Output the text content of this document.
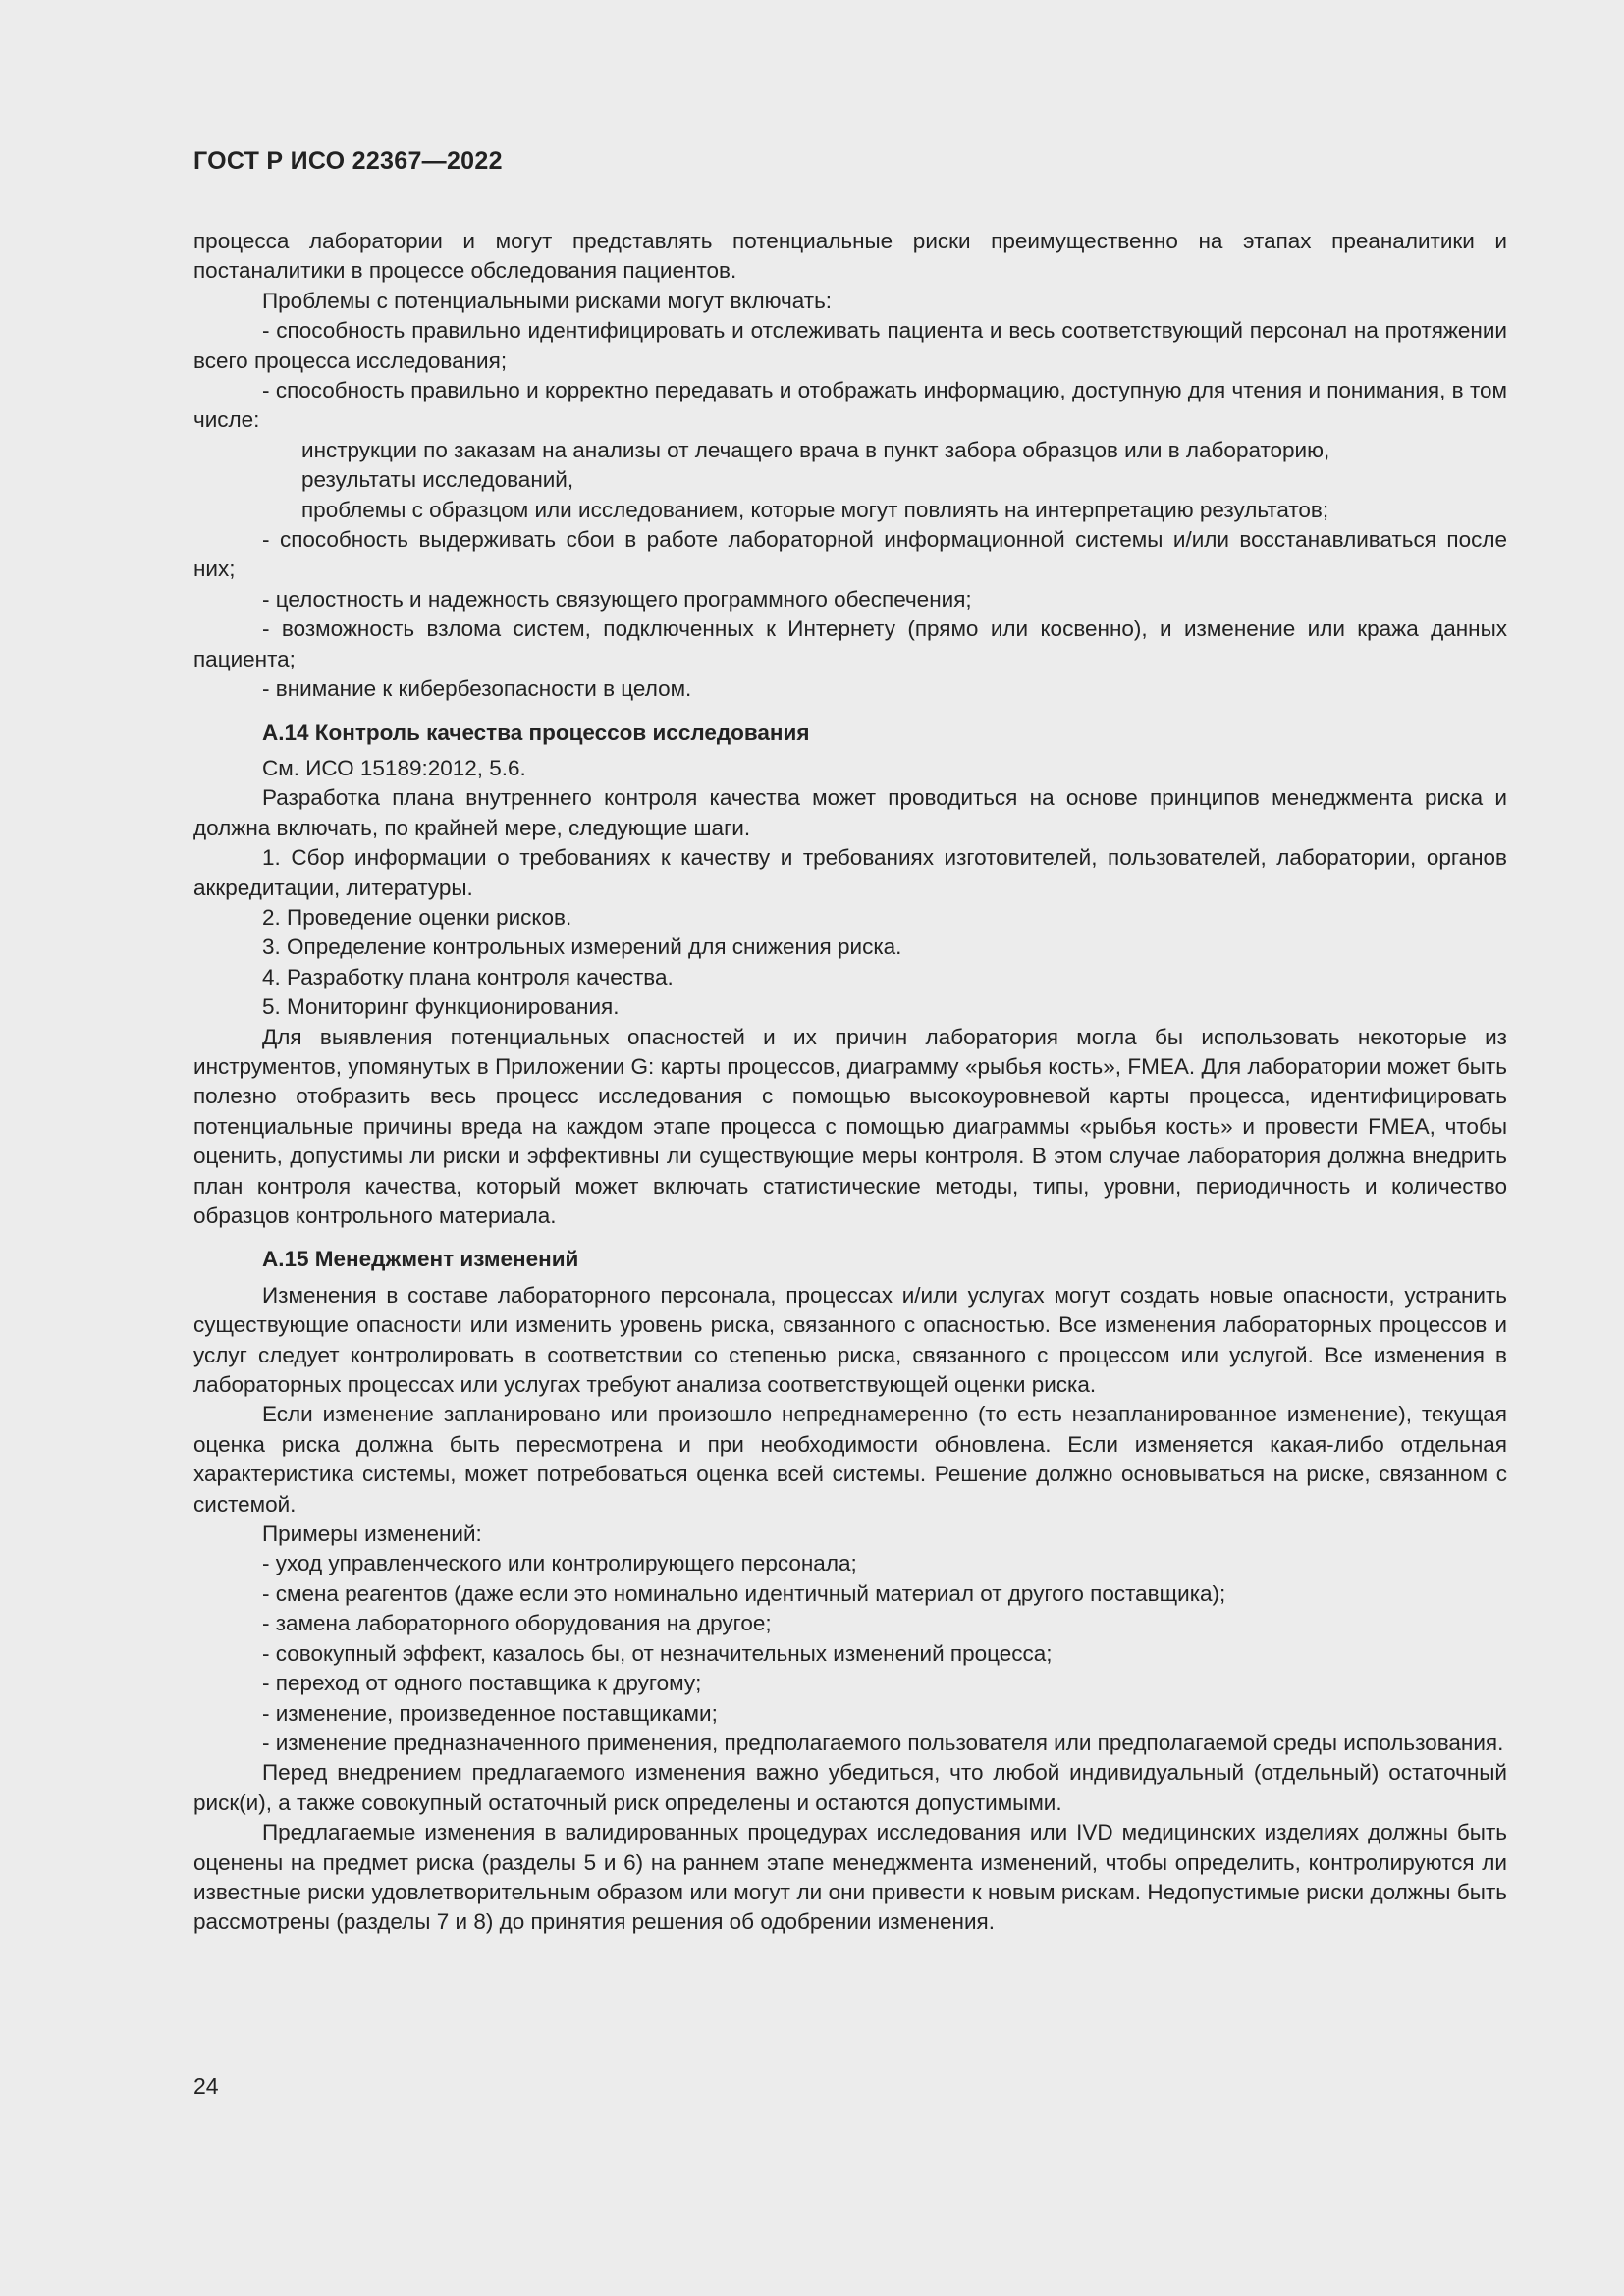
ГОСТ Р ИСО 22367—2022

процесса лаборатории и могут представлять потенциальные риски преимущественно на этапах преаналитики и постаналитики в процессе обследования пациентов.

Проблемы с потенциальными рисками могут включать:

- способность правильно идентифицировать и отслеживать пациента и весь соответствующий персонал на протяжении всего процесса исследования;

- способность правильно и корректно передавать и отображать информацию, доступную для чтения и понимания, в том числе:

инструкции по заказам на анализы от лечащего врача в пункт забора образцов или в лабораторию,

результаты исследований,

проблемы с образцом или исследованием, которые могут повлиять на интерпретацию результатов;

- способность выдерживать сбои в работе лабораторной информационной системы и/или восстанавливаться после них;

- целостность и надежность связующего программного обеспечения;

- возможность взлома систем, подключенных к Интернету (прямо или косвенно), и изменение или кража данных пациента;

- внимание к кибербезопасности в целом.

А.14 Контроль качества процессов исследования

См. ИСО 15189:2012, 5.6.

Разработка плана внутреннего контроля качества может проводиться на основе принципов менеджмента риска и должна включать, по крайней мере, следующие шаги.

1. Сбор информации о требованиях к качеству и требованиях изготовителей, пользователей, лаборатории, органов аккредитации, литературы.

2. Проведение оценки рисков.

3. Определение контрольных измерений для снижения риска.

4. Разработку плана контроля качества.

5. Мониторинг функционирования.

Для выявления потенциальных опасностей и их причин лаборатория могла бы использовать некоторые из инструментов, упомянутых в Приложении G: карты процессов, диаграмму «рыбья кость», FMEA. Для лаборатории может быть полезно отобразить весь процесс исследования с помощью высокоуровневой карты процесса, идентифицировать потенциальные причины вреда на каждом этапе процесса с помощью диаграммы «рыбья кость» и провести FMEA, чтобы оценить, допустимы ли риски и эффективны ли существующие меры контроля. В этом случае лаборатория должна внедрить план контроля качества, который может включать статистические методы, типы, уровни, периодичность и количество образцов контрольного материала.

А.15 Менеджмент изменений

Изменения в составе лабораторного персонала, процессах и/или услугах могут создать новые опасности, устранить существующие опасности или изменить уровень риска, связанного с опасностью. Все изменения лабораторных процессов и услуг следует контролировать в соответствии со степенью риска, связанного с процессом или услугой. Все изменения в лабораторных процессах или услугах требуют анализа соответствующей оценки риска.

Если изменение запланировано или произошло непреднамеренно (то есть незапланированное изменение), текущая оценка риска должна быть пересмотрена и при необходимости обновлена. Если изменяется какая-либо отдельная характеристика системы, может потребоваться оценка всей системы. Решение должно основываться на риске, связанном с системой.

Примеры изменений:

- уход управленческого или контролирующего персонала;

- смена реагентов (даже если это номинально идентичный материал от другого поставщика);

- замена лабораторного оборудования на другое;

- совокупный эффект, казалось бы, от незначительных изменений процесса;

- переход от одного поставщика к другому;

- изменение, произведенное поставщиками;

- изменение предназначенного применения, предполагаемого пользователя или предполагаемой среды использования.

Перед внедрением предлагаемого изменения важно убедиться, что любой индивидуальный (отдельный) остаточный риск(и), а также совокупный остаточный риск определены и остаются допустимыми.

Предлагаемые изменения в валидированных процедурах исследования или IVD медицинских изделиях должны быть оценены на предмет риска (разделы 5 и 6) на раннем этапе менеджмента изменений, чтобы определить, контролируются ли известные риски удовлетворительным образом или могут ли они привести к новым рискам. Недопустимые риски должны быть рассмотрены (разделы 7 и 8) до принятия решения об одобрении изменения.

24
